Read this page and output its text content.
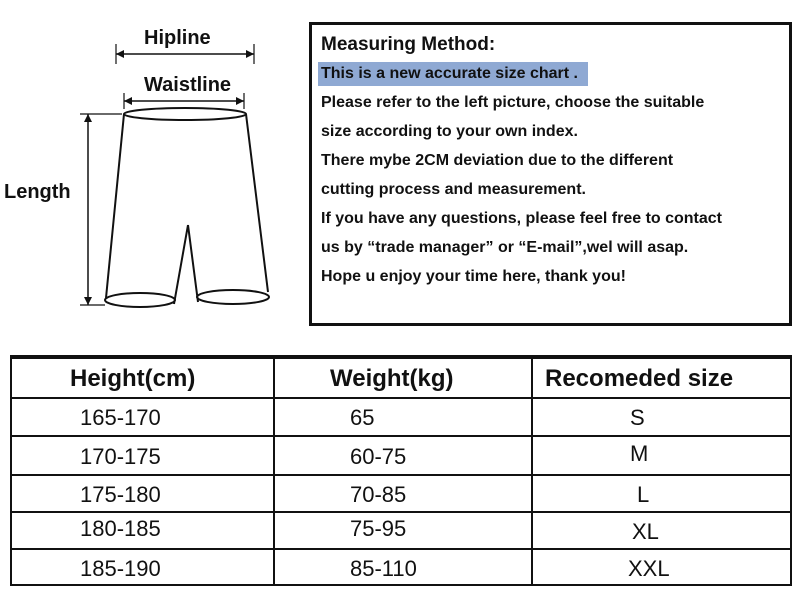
Hipline
Waistline
Length
Measuring Method:
This is a new accurate size chart .
Please refer to the left picture, choose the suitable
size according to your own index.
There mybe 2CM deviation due to the different
cutting process and measurement.
If you have any questions, please feel free to contact
us by “trade manager” or “E-mail”,wel will asap.
Hope u enjoy your time here, thank you!
Height(cm)	Weight(kg)	Recomeded size
165-170	65	S
170-175	60-75	M
175-180	70-85	L
180-185	75-95	XL
185-190	85-110	XXL
